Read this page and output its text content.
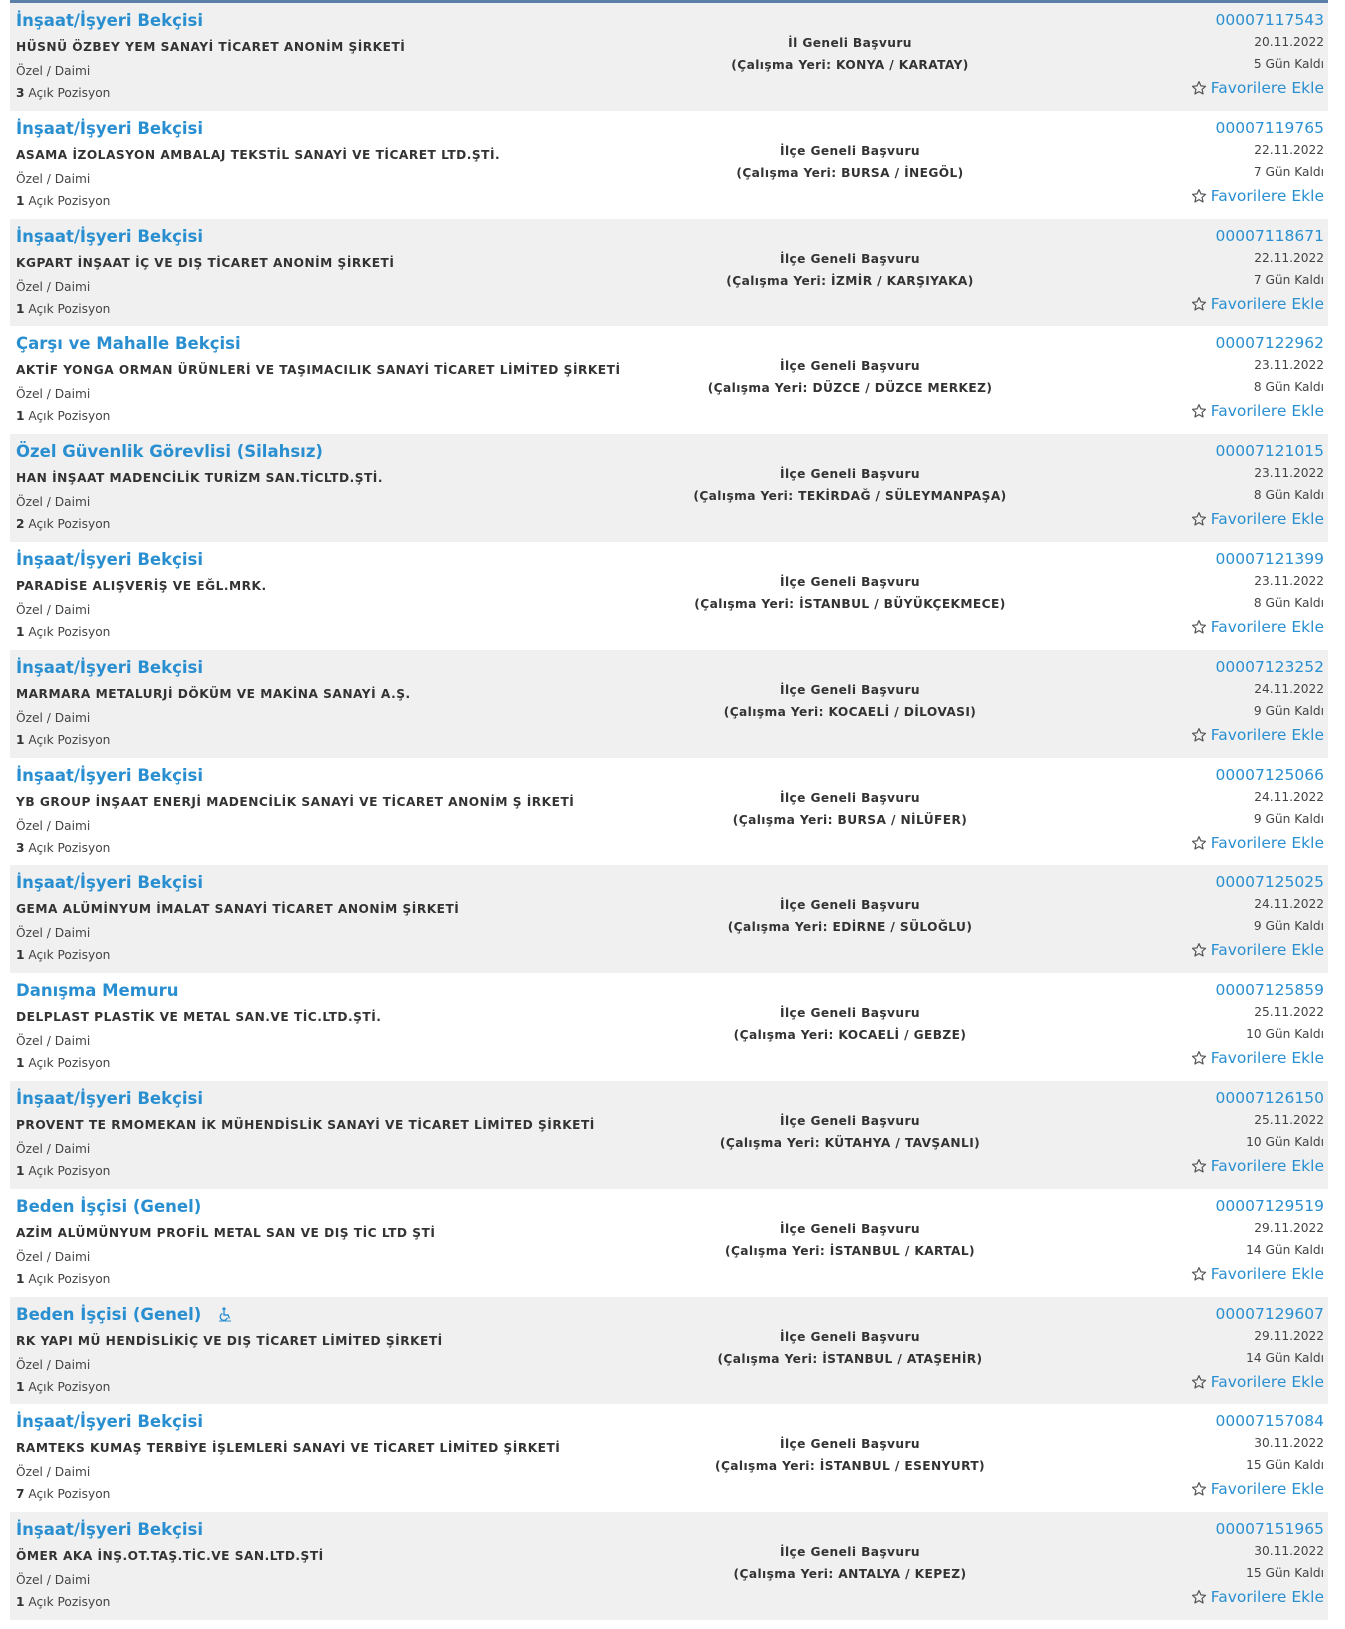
İnşaat/İşyeri Bekçisi
HÜSNÜ ÖZBEY YEM SANAYİ TİCARET ANONİM ŞİRKETİ
Özel / Daimi
3 Açık Pozisyon
İl Geneli Başvuru
(Çalışma Yeri: KONYA / KARATAY)
00007117543
20.11.2022
5 Gün Kaldı
Favorilere Ekle
İnşaat/İşyeri Bekçisi
ASAMA İZOLASYON AMBALAJ TEKSTİL SANAYİ VE TİCARET LTD.ŞTİ.
Özel / Daimi
1 Açık Pozisyon
İlçe Geneli Başvuru
(Çalışma Yeri: BURSA / İNEGÖL)
00007119765
22.11.2022
7 Gün Kaldı
Favorilere Ekle
İnşaat/İşyeri Bekçisi
KGPART İNŞAAT İÇ VE DIŞ TİCARET ANONİM ŞİRKETİ
Özel / Daimi
1 Açık Pozisyon
İlçe Geneli Başvuru
(Çalışma Yeri: İZMİR / KARŞIYAKA)
00007118671
22.11.2022
7 Gün Kaldı
Favorilere Ekle
Çarşı ve Mahalle Bekçisi
AKTİF YONGA ORMAN ÜRÜNLERİ VE TAŞIMACILIK SANAYİ TİCARET LİMİTED ŞİRKETİ
Özel / Daimi
1 Açık Pozisyon
İlçe Geneli Başvuru
(Çalışma Yeri: DÜZCE / DÜZCE MERKEZ)
00007122962
23.11.2022
8 Gün Kaldı
Favorilere Ekle
Özel Güvenlik Görevlisi (Silahsız)
HAN İNŞAAT MADENCİLİK TURİZM SAN.TİCLTD.ŞTİ.
Özel / Daimi
2 Açık Pozisyon
İlçe Geneli Başvuru
(Çalışma Yeri: TEKİRDAĞ / SÜLEYMANPAŞA)
00007121015
23.11.2022
8 Gün Kaldı
Favorilere Ekle
İnşaat/İşyeri Bekçisi
PARADİSE ALIŞVERİŞ VE EĞL.MRK.
Özel / Daimi
1 Açık Pozisyon
İlçe Geneli Başvuru
(Çalışma Yeri: İSTANBUL / BÜYÜKÇEKMECE)
00007121399
23.11.2022
8 Gün Kaldı
Favorilere Ekle
İnşaat/İşyeri Bekçisi
MARMARA METALURJİ DÖKÜM VE MAKİNA SANAYİ A.Ş.
Özel / Daimi
1 Açık Pozisyon
İlçe Geneli Başvuru
(Çalışma Yeri: KOCAELİ / DİLOVASI)
00007123252
24.11.2022
9 Gün Kaldı
Favorilere Ekle
İnşaat/İşyeri Bekçisi
YB GROUP İNŞAAT ENERJİ MADENCİLİK SANAYİ VE TİCARET ANONİM Ş İRKETİ
Özel / Daimi
3 Açık Pozisyon
İlçe Geneli Başvuru
(Çalışma Yeri: BURSA / NİLÜFER)
00007125066
24.11.2022
9 Gün Kaldı
Favorilere Ekle
İnşaat/İşyeri Bekçisi
GEMA ALÜMİNYUM İMALAT SANAYİ TİCARET ANONİM ŞİRKETİ
Özel / Daimi
1 Açık Pozisyon
İlçe Geneli Başvuru
(Çalışma Yeri: EDİRNE / SÜLOĞLU)
00007125025
24.11.2022
9 Gün Kaldı
Favorilere Ekle
Danışma Memuru
DELPLAST PLASTİK VE METAL SAN.VE TİC.LTD.ŞTİ.
Özel / Daimi
1 Açık Pozisyon
İlçe Geneli Başvuru
(Çalışma Yeri: KOCAELİ / GEBZE)
00007125859
25.11.2022
10 Gün Kaldı
Favorilere Ekle
İnşaat/İşyeri Bekçisi
PROVENT TE RMOMEKAN İK MÜHENDİSLİK SANAYİ VE TİCARET LİMİTED ŞİRKETİ
Özel / Daimi
1 Açık Pozisyon
İlçe Geneli Başvuru
(Çalışma Yeri: KÜTAHYA / TAVŞANLI)
00007126150
25.11.2022
10 Gün Kaldı
Favorilere Ekle
Beden İşçisi (Genel)
AZİM ALÜMÜNYUM PROFİL METAL SAN VE DIŞ TİC LTD ŞTİ
Özel / Daimi
1 Açık Pozisyon
İlçe Geneli Başvuru
(Çalışma Yeri: İSTANBUL / KARTAL)
00007129519
29.11.2022
14 Gün Kaldı
Favorilere Ekle
Beden İşçisi (Genel)
RK YAPI MÜ HENDİSLİKİÇ VE DIŞ TİCARET LİMİTED ŞİRKETİ
Özel / Daimi
1 Açık Pozisyon
İlçe Geneli Başvuru
(Çalışma Yeri: İSTANBUL / ATAŞEHİR)
00007129607
29.11.2022
14 Gün Kaldı
Favorilere Ekle
İnşaat/İşyeri Bekçisi
RAMTEKS KUMAŞ TERBİYE İŞLEMLERİ SANAYİ VE TİCARET LİMİTED ŞİRKETİ
Özel / Daimi
7 Açık Pozisyon
İlçe Geneli Başvuru
(Çalışma Yeri: İSTANBUL / ESENYURT)
00007157084
30.11.2022
15 Gün Kaldı
Favorilere Ekle
İnşaat/İşyeri Bekçisi
ÖMER AKA İNŞ.OT.TAŞ.TİC.VE SAN.LTD.ŞTİ
Özel / Daimi
1 Açık Pozisyon
İlçe Geneli Başvuru
(Çalışma Yeri: ANTALYA / KEPEZ)
00007151965
30.11.2022
15 Gün Kaldı
Favorilere Ekle
